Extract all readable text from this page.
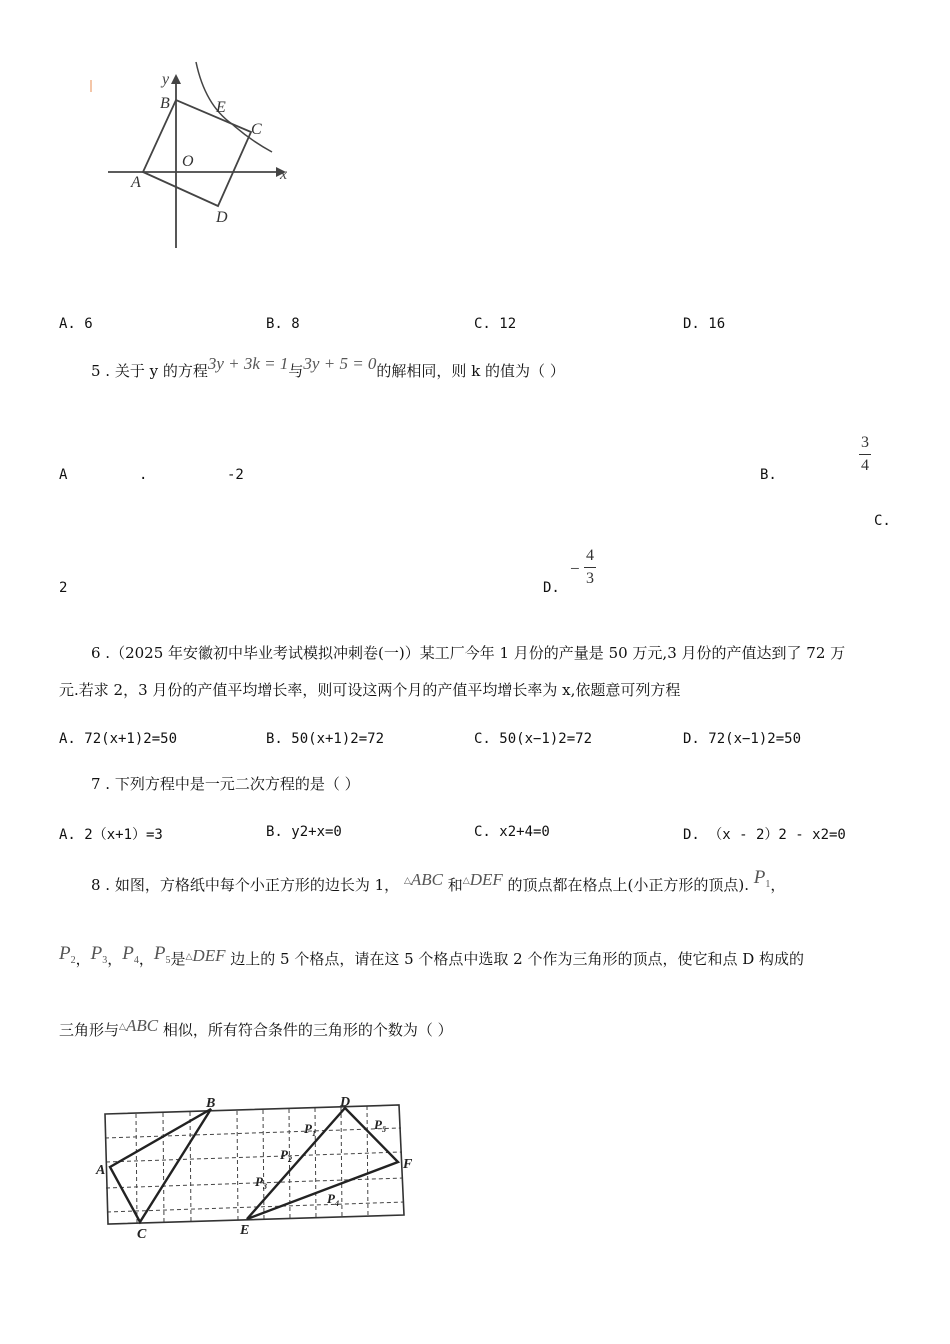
y
x
B	E
C
O
A
D
A. 6	B. 8	C. 12	D. 16
5 . 关于 y 的方程3y + 3k = 1与3y + 5 = 0的解相同，则 k 的值为（ ）
A	.	-2	B.
3
4
C.
2	D.
−
4
3
6 .（2025 年安徽初中毕业考试模拟冲刺卷(一)）某工厂今年 1 月份的产量是 50 万元,3 月份的产值达到了 72 万
元.若求 2，3 月份的产值平均增长率，则可设这两个月的产值平均增长率为 x,依题意可列方程
A. 72(x+1)2=50	B. 50(x+1)2=72	C. 50(x−1)2=72	D. 72(x−1)2=50
7 . 下列方程中是一元二次方程的是（ ）
A. 2（x+1）=3	B. y2+x=0	C. x2+4=0	D. （x - 2）2 - x2=0
8 . 如图，方格纸中每个小正方形的边长为 1， △ABC 和△DEF 的顶点都在格点上(小正方形的顶点). $P_1$，
$P_2$，$P_3$，$P_4$，$P_5$是△DEF 边上的 5 个格点，请在这 5 个格点中选取 2 个作为三角形的顶点，使它和点 D 构成的
三角形与△ABC 相似，所有符合条件的三角形的个数为（ ）
A
B
C
D
E
F
$P_1$
$P_2$
$P_3$
$P_4$
$P_5$
